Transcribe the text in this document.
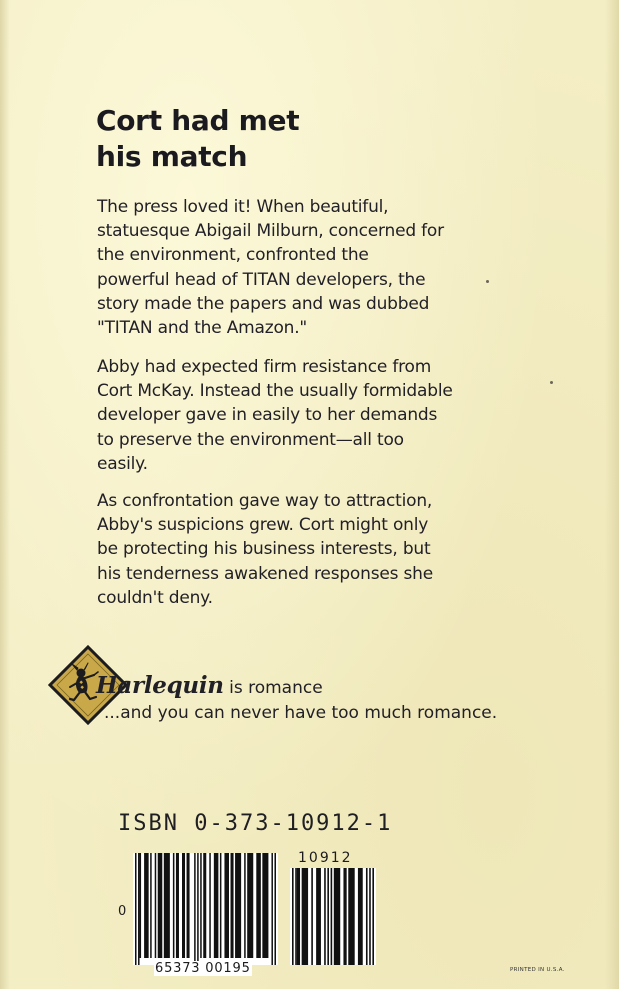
Cort had met
his match

The press loved it! When beautiful,
statuesque Abigail Milburn, concerned for
the environment, confronted the
powerful head of TITAN developers, the
story made the papers and was dubbed
"TITAN and the Amazon."

Abby had expected firm resistance from
Cort McKay. Instead the usually formidable
developer gave in easily to her demands
to preserve the environment—all too
easily.

As confrontation gave way to attraction,
Abby's suspicions grew. Cort might only
be protecting his business interests, but
his tenderness awakened responses she
couldn't deny.

Harlequin is romance
...and you can never have too much romance.
ISBN 0-373-10912-1
0
65373 00195
10912
PRINTED IN U.S.A.
